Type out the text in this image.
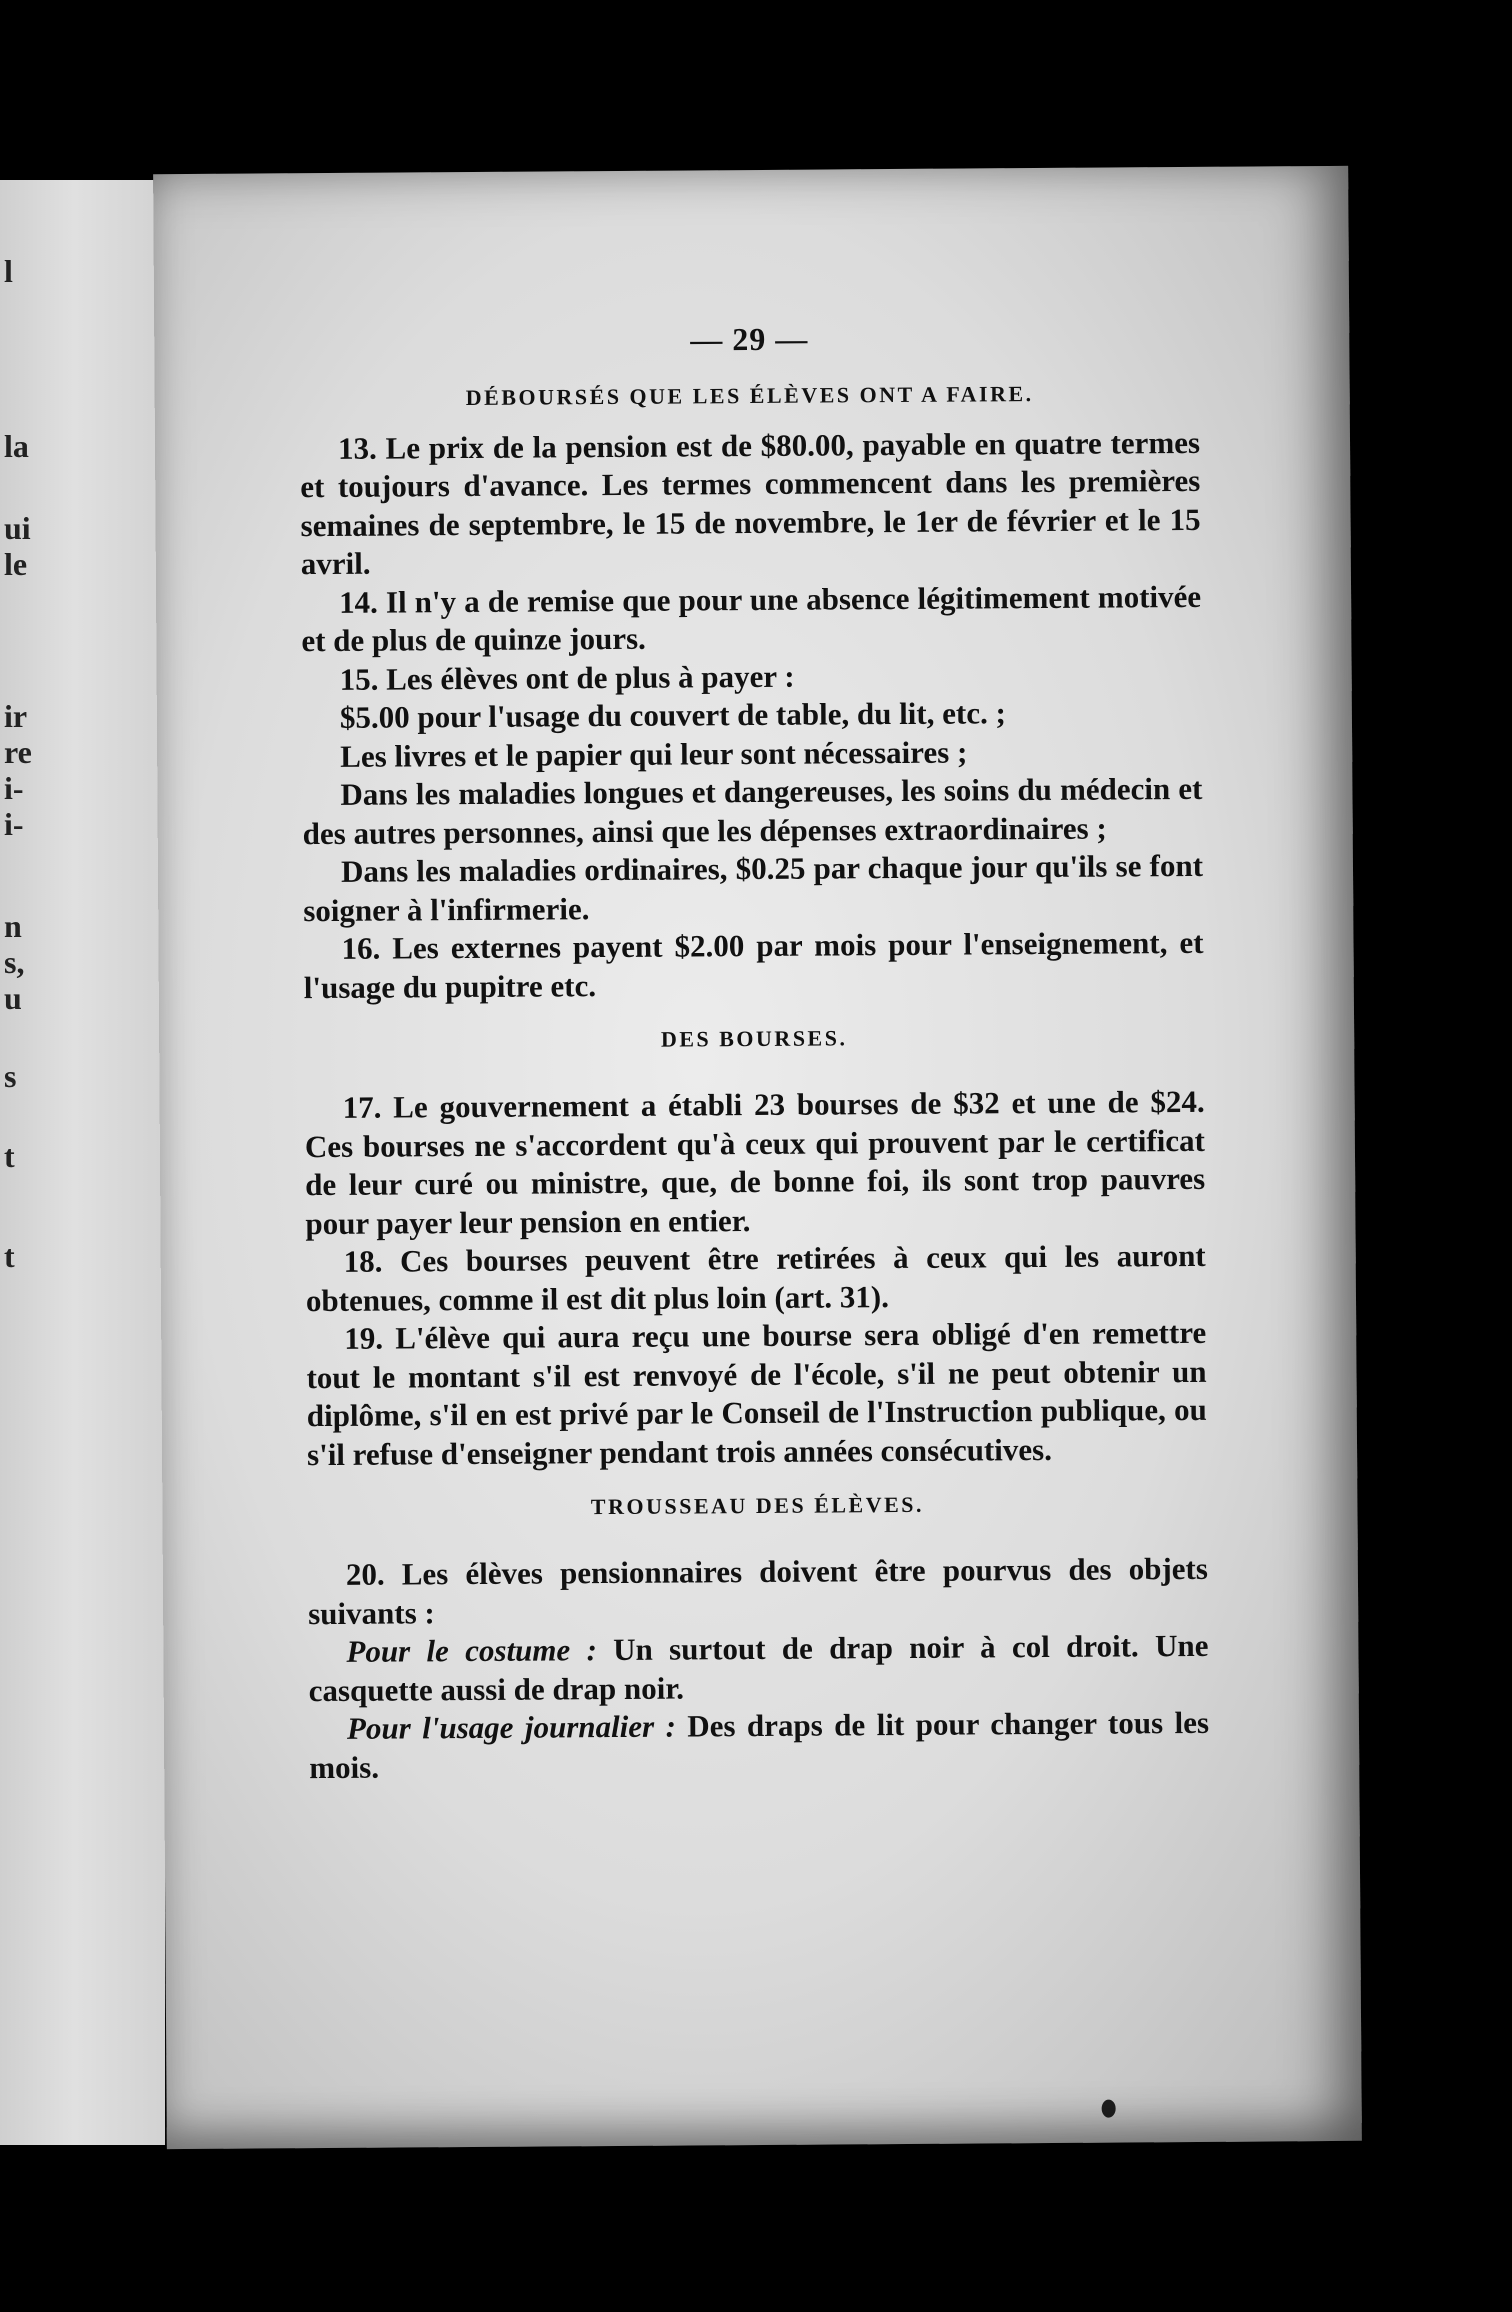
l
la
ui
le
ir
re
i-
i-
n
s,
u
s
t
t
— 29 —
DÉBOURSÉS QUE LES ÉLÈVES ONT A FAIRE.

13. Le prix de la pension est de $80.00, payable en quatre termes et toujours d'avance. Les termes commencent dans les premières semaines de septembre, le 15 de novembre, le 1er de février et le 15 avril.

14. Il n'y a de remise que pour une absence légitimement motivée et de plus de quinze jours.

15. Les élèves ont de plus à payer :

$5.00 pour l'usage du couvert de table, du lit, etc. ;

Les livres et le papier qui leur sont nécessaires ;

Dans les maladies longues et dangereuses, les soins du médecin et des autres personnes, ainsi que les dépenses extraordinaires ;

Dans les maladies ordinaires, $0.25 par chaque jour qu'ils se font soigner à l'infirmerie.

16. Les externes payent $2.00 par mois pour l'enseignement, et l'usage du pupitre etc.

DES BOURSES.

17. Le gouvernement a établi 23 bourses de $32 et une de $24. Ces bourses ne s'accordent qu'à ceux qui prouvent par le certificat de leur curé ou ministre, que, de bonne foi, ils sont trop pauvres pour payer leur pension en entier.

18. Ces bourses peuvent être retirées à ceux qui les auront obtenues, comme il est dit plus loin (art. 31).

19. L'élève qui aura reçu une bourse sera obligé d'en remettre tout le montant s'il est renvoyé de l'école, s'il ne peut obtenir un diplôme, s'il en est privé par le Conseil de l'Instruction publique, ou s'il refuse d'enseigner pendant trois années consécutives.

TROUSSEAU DES ÉLÈVES.

20. Les élèves pensionnaires doivent être pourvus des objets suivants :

Pour le costume : Un surtout de drap noir à col droit. Une casquette aussi de drap noir.

Pour l'usage journalier : Des draps de lit pour changer tous les mois.
